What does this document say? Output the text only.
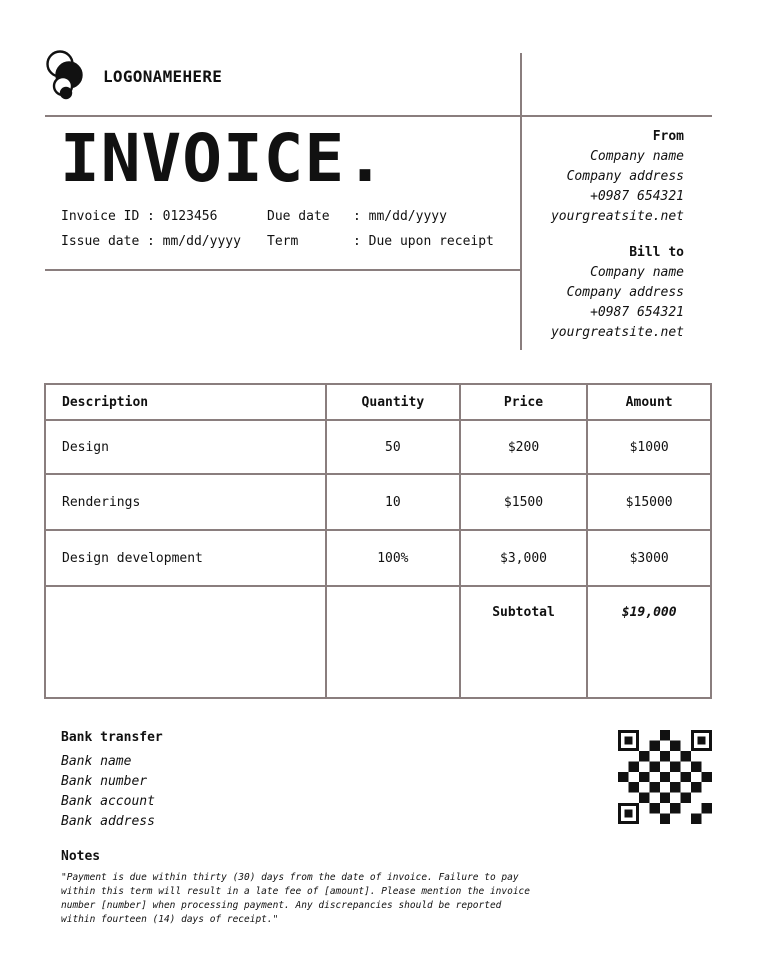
LOGONAMEHERE
INVOICE.
Invoice ID : 0123456	Due date : mm/dd/yyyy
Issue date : mm/dd/yyyy Term	: Due upon receipt
From
Company name
Company address
+0987 654321
yourgreatsite.net
Bill to
Company name
Company address
+0987 654321
yourgreatsite.net
Description	Quantity	Price	Amount
Design	50	$200	$1000
Renderings	10	$1500	$15000
Design development	100%	$3,000	$3000
		Subtotal	$19,000
Bank transfer
Bank name
Bank number
Bank account
Bank address
Notes
"Payment is due within thirty (30) days from the date of invoice. Failure to pay within this term will result in a late fee of [amount]. Please mention the invoice number [number] when processing payment. Any discrepancies should be reported within fourteen (14) days of receipt."
